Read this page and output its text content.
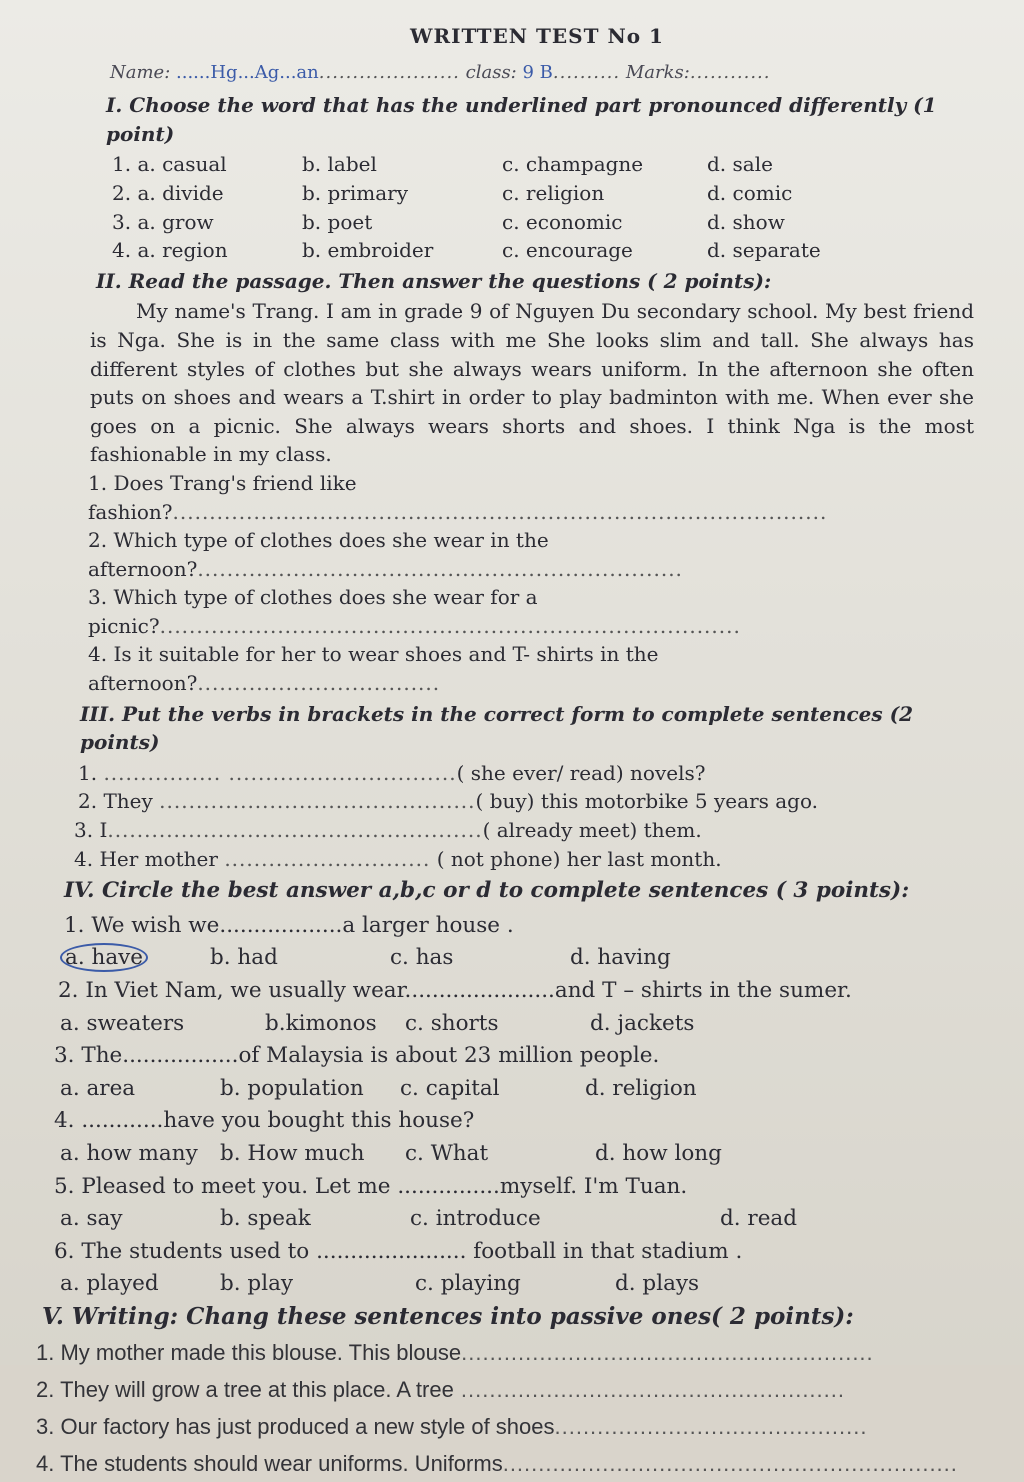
WRITTEN TEST No 1
Name: ......Hg...Ag...an..................... class: 9 B.......... Marks:............
I. Choose the word that has the underlined part pronounced differently (1 point)
1. a. casual	b. label	c. champagne	d. sale
2. a. divide	b. primary	c. religion	d. comic
3. a. grow	b. poet	c. economic	d. show
4. a. region	b. embroider	c. encourage	d. separate
II. Read the passage. Then answer the questions ( 2 points):
My name's Trang. I am in grade 9 of Nguyen Du secondary school. My best friend is Nga. She is in the same class with me She looks slim and tall. She always has different styles of clothes but she always wears uniform. In the afternoon she often puts on shoes and wears a T.shirt in order to play badminton with me. When ever she goes on a picnic. She always wears shorts and shoes. I think Nga is the most fashionable in my class.
1. Does Trang's friend like fashion?.........................................................................................
2. Which type of clothes does she wear in the afternoon?..................................................................
3. Which type of clothes does she wear for a picnic?...............................................................................
4. Is it suitable for her to wear shoes and T- shirts in the afternoon?.................................
III. Put the verbs in brackets in the correct form to complete sentences (2 points)
1. ................ ...............................( she ever/ read) novels?
2. They ...........................................( buy) this motorbike 5 years ago.
3. I...................................................( already meet) them.
4. Her mother ............................ ( not phone) her last month.
IV. Circle the best answer a,b,c or d to complete sentences ( 3 points):
1. We wish we..................a larger house .
a. have	b. had	c. has	d. having
2. In Viet Nam, we usually wear......................and T – shirts in the sumer.
a. sweaters	b.kimonos	c. shorts	d. jackets
3. The.................of Malaysia is about 23 million people.
a. area	b. population	c. capital	d. religion
4. ............have you bought this house?
a. how many	b. How much	c. What	d. how long
5. Pleased to meet you. Let me ...............myself. I'm Tuan.
a. say	b. speak	c. introduce	d. read
6. The students used to ...................... football in that stadium .
a. played	b. play	c. playing	d. plays
V. Writing: Chang these sentences into passive ones( 2 points):
1. My mother made this blouse. This blouse..........................................................
2. They will grow a tree at this place. A tree ......................................................
3. Our factory has just produced a new style of shoes............................................
4. The students should wear uniforms. Uniforms................................................................
